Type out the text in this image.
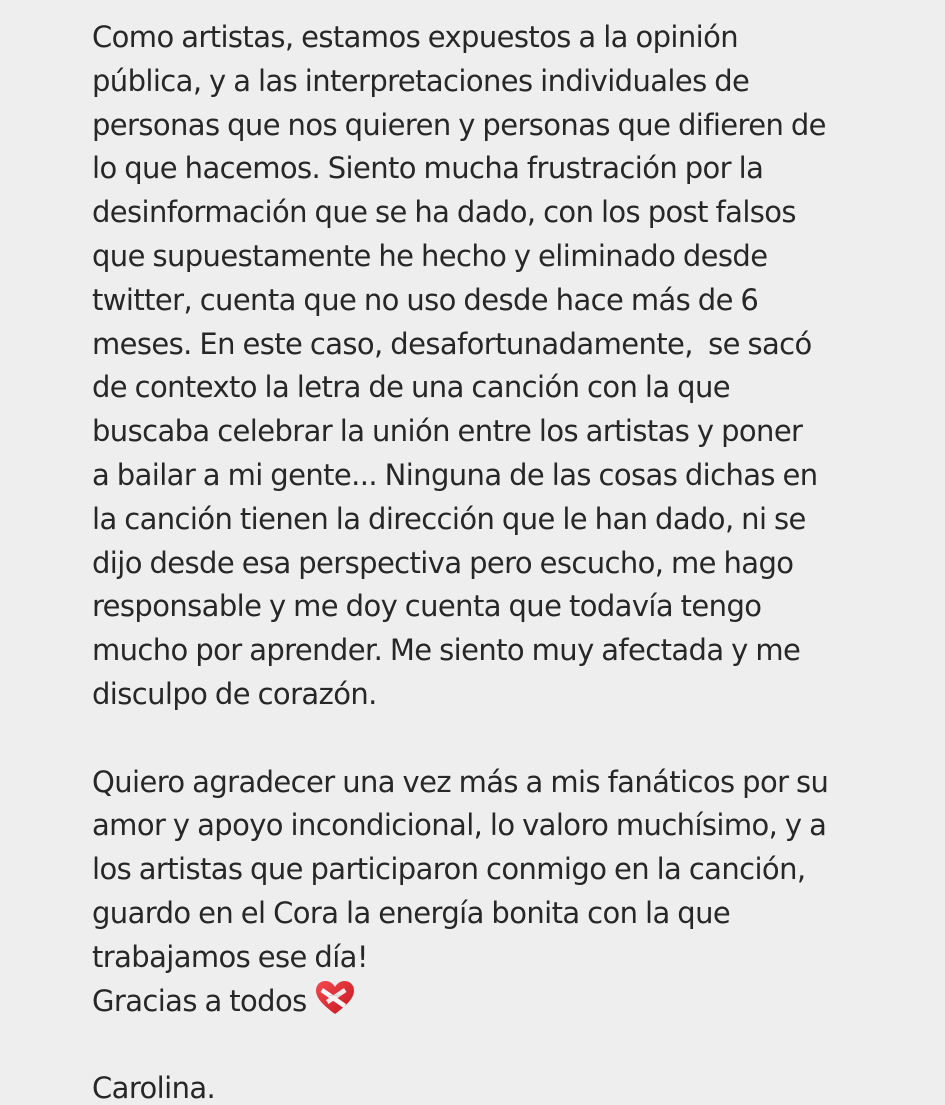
Como artistas, estamos expuestos a la opinión
pública, y a las interpretaciones individuales de
personas que nos quieren y personas que difieren de
lo que hacemos. Siento mucha frustración por la
desinformación que se ha dado, con los post falsos
que supuestamente he hecho y eliminado desde
twitter, cuenta que no uso desde hace más de 6
meses. En este caso, desafortunadamente,  se sacó
de contexto la letra de una canción con la que
buscaba celebrar la unión entre los artistas y poner
a bailar a mi gente... Ninguna de las cosas dichas en
la canción tienen la dirección que le han dado, ni se
dijo desde esa perspectiva pero escucho, me hago
responsable y me doy cuenta que todavía tengo
mucho por aprender. Me siento muy afectada y me
disculpo de corazón.
Quiero agradecer una vez más a mis fanáticos por su
amor y apoyo incondicional, lo valoro muchísimo, y a
los artistas que participaron conmigo en la canción,
guardo en el Cora la energía bonita con la que
trabajamos ese día!
Gracias a todos
Carolina.
